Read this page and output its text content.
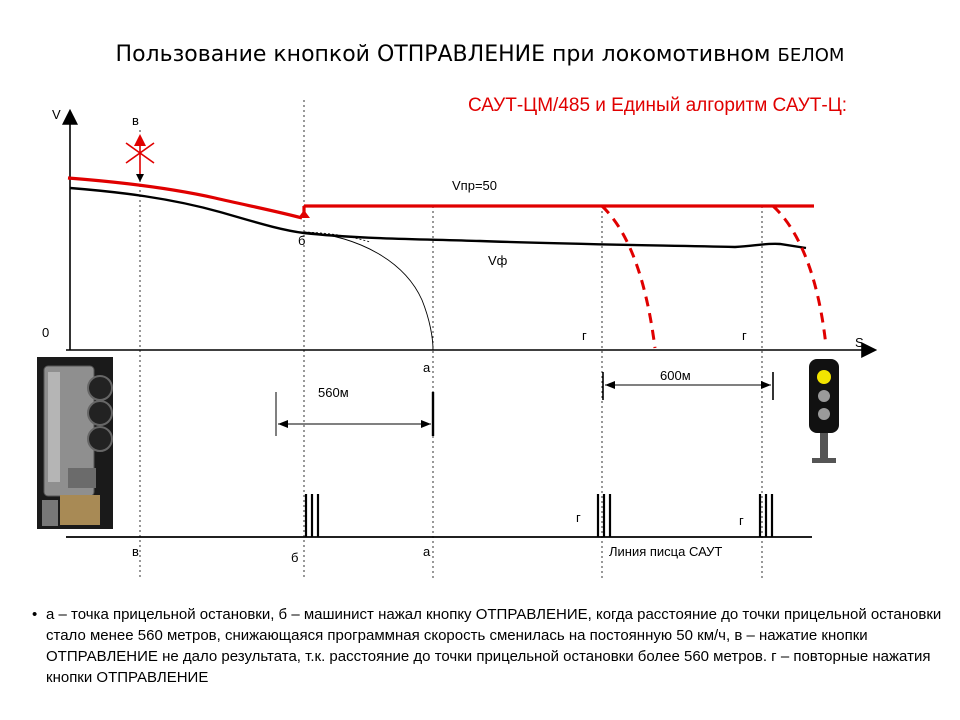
Пользование кнопкой ОТПРАВЛЕНИЕ при локомотивном БЕЛОМ
САУТ-ЦМ/485 и Единый алгоритм САУТ-Ц:
V
S
0
в
б
Vпр=50
Vф
а
г	г
560м
600м
в	б	а
г	г
Линия писца САУТ
• а – точка прицельной остановки, б – машинист нажал кнопку ОТПРАВЛЕНИЕ, когда расстояние до точки прицельной остановки стало менее 560 метров, снижающаяся программная скорость сменилась на постоянную 50 км/ч, в – нажатие кнопки ОТПРАВЛЕНИЕ не дало результата, т.к. расстояние до точки прицельной остановки более 560 метров. г – повторные нажатия кнопки ОТПРАВЛЕНИЕ
